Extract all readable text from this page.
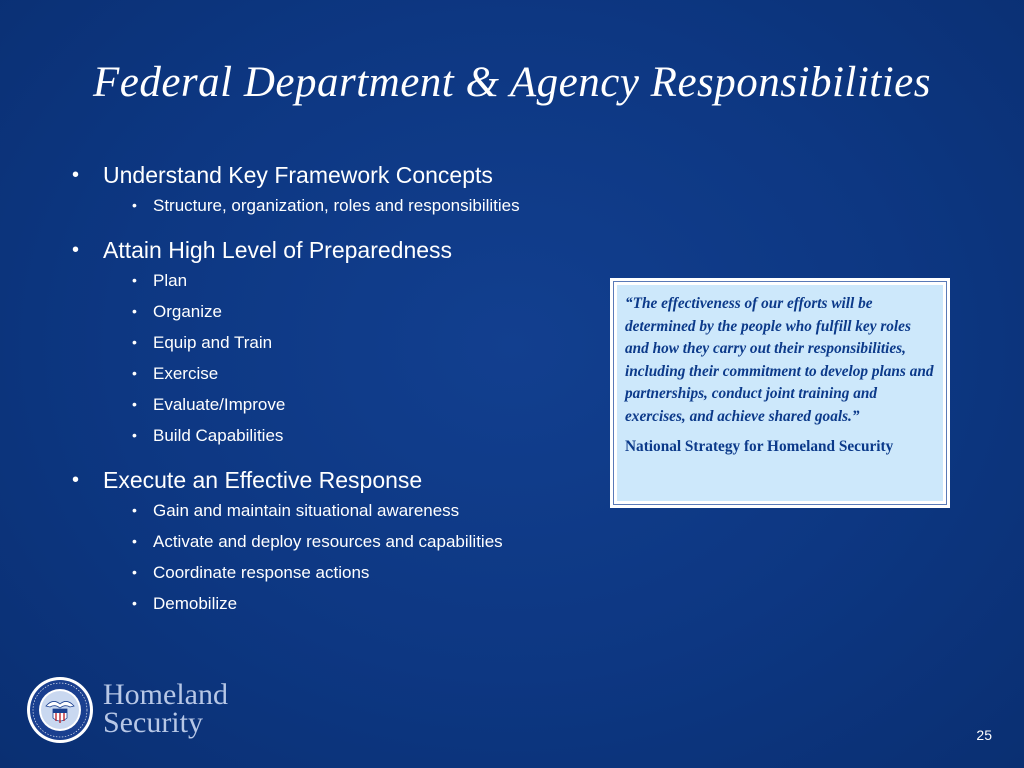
Federal Department & Agency Responsibilities
• Understand Key Framework Concepts
• Structure, organization, roles and responsibilities
• Attain High Level of Preparedness
• Plan
• Organize
• Equip and Train
• Exercise
• Evaluate/Improve
• Build Capabilities
• Execute an Effective Response
• Gain and maintain situational awareness
• Activate and deploy resources and capabilities
• Coordinate response actions
• Demobilize
“The effectiveness of our efforts will be determined by the people who fulfill key roles and how they carry out their responsibilities, including their commitment to develop plans and partnerships, conduct joint training and exercises, and achieve shared goals.”
National Strategy for Homeland Security
Homeland
Security	25
